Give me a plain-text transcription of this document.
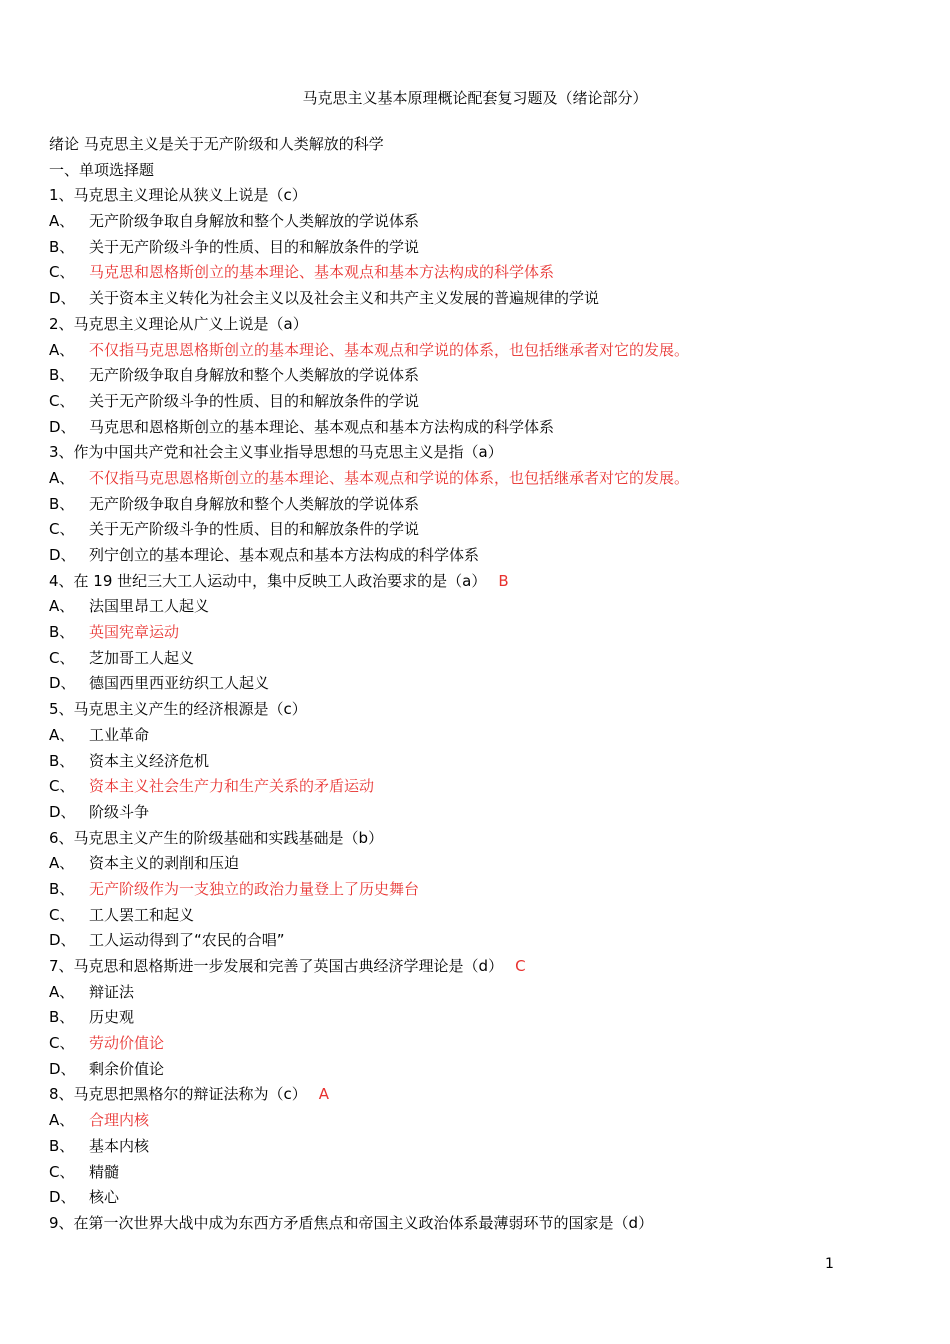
马克思主义基本原理概论配套复习题及（绪论部分）
绪论 马克思主义是关于无产阶级和人类解放的科学
一、单项选择题
1、马克思主义理论从狭义上说是（c）
A、 无产阶级争取自身解放和整个人类解放的学说体系
B、 关于无产阶级斗争的性质、目的和解放条件的学说
C、 马克思和恩格斯创立的基本理论、基本观点和基本方法构成的科学体系
D、 关于资本主义转化为社会主义以及社会主义和共产主义发展的普遍规律的学说
2、马克思主义理论从广义上说是（a）
A、 不仅指马克思恩格斯创立的基本理论、基本观点和学说的体系，也包括继承者对它的发展。
B、 无产阶级争取自身解放和整个人类解放的学说体系
C、 关于无产阶级斗争的性质、目的和解放条件的学说
D、 马克思和恩格斯创立的基本理论、基本观点和基本方法构成的科学体系
3、作为中国共产党和社会主义事业指导思想的马克思主义是指（a）
A、 不仅指马克思恩格斯创立的基本理论、基本观点和学说的体系，也包括继承者对它的发展。
B、 无产阶级争取自身解放和整个人类解放的学说体系
C、 关于无产阶级斗争的性质、目的和解放条件的学说
D、 列宁创立的基本理论、基本观点和基本方法构成的科学体系
4、在 19 世纪三大工人运动中，集中反映工人政治要求的是（a） B
A、 法国里昂工人起义
B、 英国宪章运动
C、 芝加哥工人起义
D、 德国西里西亚纺织工人起义
5、马克思主义产生的经济根源是（c）
A、 工业革命
B、 资本主义经济危机
C、 资本主义社会生产力和生产关系的矛盾运动
D、 阶级斗争
6、马克思主义产生的阶级基础和实践基础是（b）
A、 资本主义的剥削和压迫
B、 无产阶级作为一支独立的政治力量登上了历史舞台
C、 工人罢工和起义
D、 工人运动得到了“农民的合唱”
7、马克思和恩格斯进一步发展和完善了英国古典经济学理论是（d） C
A、 辩证法
B、 历史观
C、 劳动价值论
D、 剩余价值论
8、马克思把黑格尔的辩证法称为（c） A
A、 合理内核
B、 基本内核
C、 精髓
D、 核心
9、在第一次世界大战中成为东西方矛盾焦点和帝国主义政治体系最薄弱环节的国家是（d）
1
